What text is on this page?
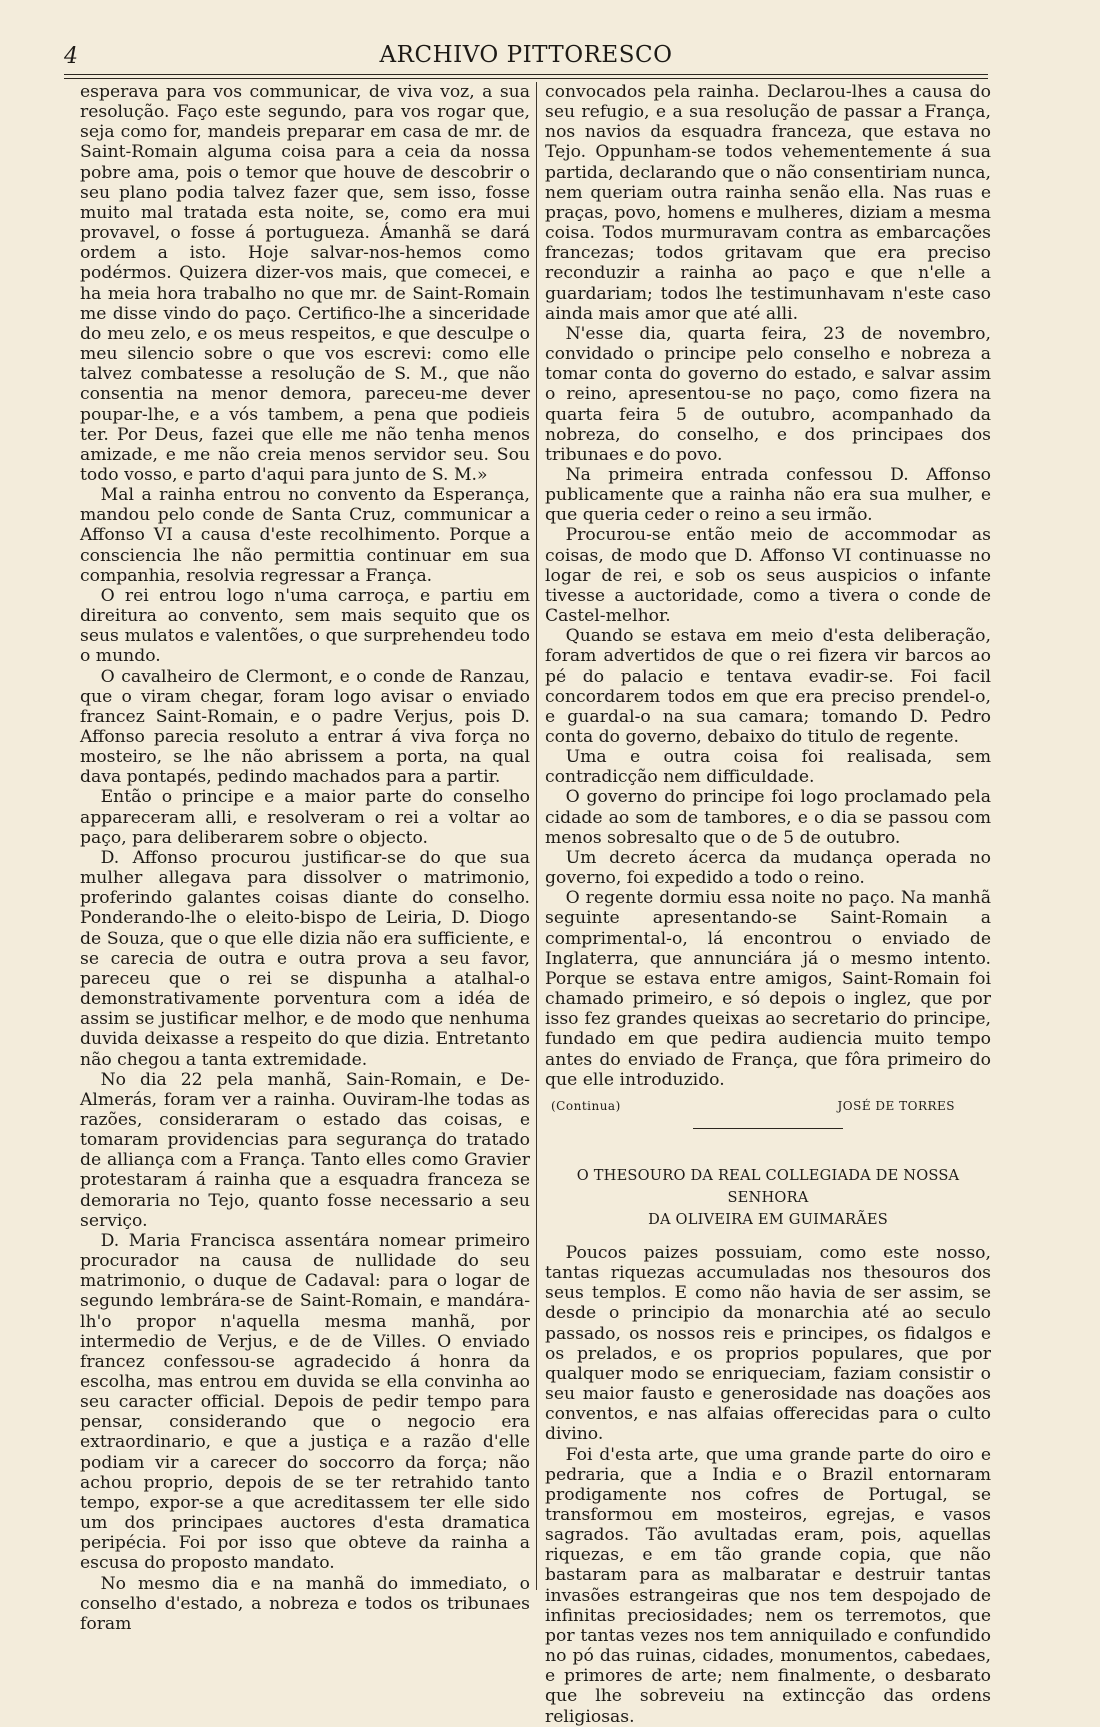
4	ARCHIVO PITTORESCO

esperava para vos communicar, de viva voz, a sua resolução. Faço este segundo, para vos rogar que, seja como for, mandeis preparar em casa de mr. de Saint-Romain alguma coisa para a ceia da nossa pobre ama, pois o temor que houve de descobrir o seu plano podia talvez fazer que, sem isso, fosse muito mal tratada esta noite, se, como era mui provavel, o fosse á portugueza. Ámanhã se dará ordem a isto. Hoje salvar-nos-hemos como podérmos. Quizera dizer-vos mais, que comecei, e ha meia hora trabalho no que mr. de Saint-Romain me disse vindo do paço. Certifico-lhe a sinceridade do meu zelo, e os meus respeitos, e que desculpe o meu silencio sobre o que vos escrevi: como elle talvez combatesse a resolução de S. M., que não consentia na menor demora, pareceu-me dever poupar-lhe, e a vós tambem, a pena que podieis ter. Por Deus, fazei que elle me não tenha menos amizade, e me não creia menos servidor seu. Sou todo vosso, e parto d'aqui para junto de S. M.»

Mal a rainha entrou no convento da Esperança, mandou pelo conde de Santa Cruz, communicar a Affonso VI a causa d'este recolhimento. Porque a consciencia lhe não permittia continuar em sua companhia, resolvia regressar a França.

O rei entrou logo n'uma carroça, e partiu em direitura ao convento, sem mais sequito que os seus mulatos e valentões, o que surprehendeu todo o mundo.

O cavalheiro de Clermont, e o conde de Ranzau, que o viram chegar, foram logo avisar o enviado francez Saint-Romain, e o padre Verjus, pois D. Affonso parecia resoluto a entrar á viva força no mosteiro, se lhe não abrissem a porta, na qual dava pontapés, pedindo machados para a partir.

Então o principe e a maior parte do conselho appareceram alli, e resolveram o rei a voltar ao paço, para deliberarem sobre o objecto.

D. Affonso procurou justificar-se do que sua mulher allegava para dissolver o matrimonio, proferindo galantes coisas diante do conselho. Ponderando-lhe o eleito-bispo de Leiria, D. Diogo de Souza, que o que elle dizia não era sufficiente, e se carecia de outra e outra prova a seu favor, pareceu que o rei se dispunha a atalhal-o demonstrativamente porventura com a idéa de assim se justificar melhor, e de modo que nenhuma duvida deixasse a respeito do que dizia. Entretanto não chegou a tanta extremidade.

No dia 22 pela manhã, Sain-Romain, e De-Almerás, foram ver a rainha. Ouviram-lhe todas as razões, consideraram o estado das coisas, e tomaram providencias para segurança do tratado de alliança com a França. Tanto elles como Gravier protestaram á rainha que a esquadra franceza se demoraria no Tejo, quanto fosse necessario a seu serviço.

D. Maria Francisca assentára nomear primeiro procurador na causa de nullidade do seu matrimonio, o duque de Cadaval: para o logar de segundo lembrára-se de Saint-Romain, e mandára-lh'o propor n'aquella mesma manhã, por intermedio de Verjus, e de de Villes. O enviado francez confessou-se agradecido á honra da escolha, mas entrou em duvida se ella convinha ao seu caracter official. Depois de pedir tempo para pensar, considerando que o negocio era extraordinario, e que a justiça e a razão d'elle podiam vir a carecer do soccorro da força; não achou proprio, depois de se ter retrahido tanto tempo, expor-se a que acreditassem ter elle sido um dos principaes auctores d'esta dramatica peripécia. Foi por isso que obteve da rainha a escusa do proposto mandato.

No mesmo dia e na manhã do immediato, o conselho d'estado, a nobreza e todos os tribunaes foram

convocados pela rainha. Declarou-lhes a causa do seu refugio, e a sua resolução de passar a França, nos navios da esquadra franceza, que estava no Tejo. Oppunham-se todos vehementemente á sua partida, declarando que o não consentiriam nunca, nem queriam outra rainha senão ella. Nas ruas e praças, povo, homens e mulheres, diziam a mesma coisa. Todos murmuravam contra as embarcações francezas; todos gritavam que era preciso reconduzir a rainha ao paço e que n'elle a guardariam; todos lhe testimunhavam n'este caso ainda mais amor que até alli.

N'esse dia, quarta feira, 23 de novembro, convidado o principe pelo conselho e nobreza a tomar conta do governo do estado, e salvar assim o reino, apresentou-se no paço, como fizera na quarta feira 5 de outubro, acompanhado da nobreza, do conselho, e dos principaes dos tribunaes e do povo.

Na primeira entrada confessou D. Affonso publicamente que a rainha não era sua mulher, e que queria ceder o reino a seu irmão.

Procurou-se então meio de accommodar as coisas, de modo que D. Affonso VI continuasse no logar de rei, e sob os seus auspicios o infante tivesse a auctoridade, como a tivera o conde de Castel-melhor.

Quando se estava em meio d'esta deliberação, foram advertidos de que o rei fizera vir barcos ao pé do palacio e tentava evadir-se. Foi facil concordarem todos em que era preciso prendel-o, e guardal-o na sua camara; tomando D. Pedro conta do governo, debaixo do titulo de regente.

Uma e outra coisa foi realisada, sem contradicção nem difficuldade.

O governo do principe foi logo proclamado pela cidade ao som de tambores, e o dia se passou com menos sobresalto que o de 5 de outubro.

Um decreto ácerca da mudança operada no governo, foi expedido a todo o reino.

O regente dormiu essa noite no paço. Na manhã seguinte apresentando-se Saint-Romain a comprimental-o, lá encontrou o enviado de Inglaterra, que annunciára já o mesmo intento. Porque se estava entre amigos, Saint-Romain foi chamado primeiro, e só depois o inglez, que por isso fez grandes queixas ao secretario do principe, fundado em que pedira audiencia muito tempo antes do enviado de França, que fôra primeiro do que elle introduzido.

(Continua)	JOSÉ DE TORRES
O THESOURO DA REAL COLLEGIADA DE NOSSA SENHORA
DA OLIVEIRA EM GUIMARÃES

Poucos paizes possuiam, como este nosso, tantas riquezas accumuladas nos thesouros dos seus templos. E como não havia de ser assim, se desde o principio da monarchia até ao seculo passado, os nossos reis e principes, os fidalgos e os prelados, e os proprios populares, que por qualquer modo se enriqueciam, faziam consistir o seu maior fausto e generosidade nas doações aos conventos, e nas alfaias offerecidas para o culto divino.

Foi d'esta arte, que uma grande parte do oiro e pedraria, que a India e o Brazil entornaram prodigamente nos cofres de Portugal, se transformou em mosteiros, egrejas, e vasos sagrados. Tão avultadas eram, pois, aquellas riquezas, e em tão grande copia, que não bastaram para as malbaratar e destruir tantas invasões estrangeiras que nos tem despojado de infinitas preciosidades; nem os terremotos, que por tantas vezes nos tem anniquilado e confundido no pó das ruinas, cidades, monumentos, cabedaes, e primores de arte; nem finalmente, o desbarato que lhe sobreveiu na extincção das ordens religiosas.
